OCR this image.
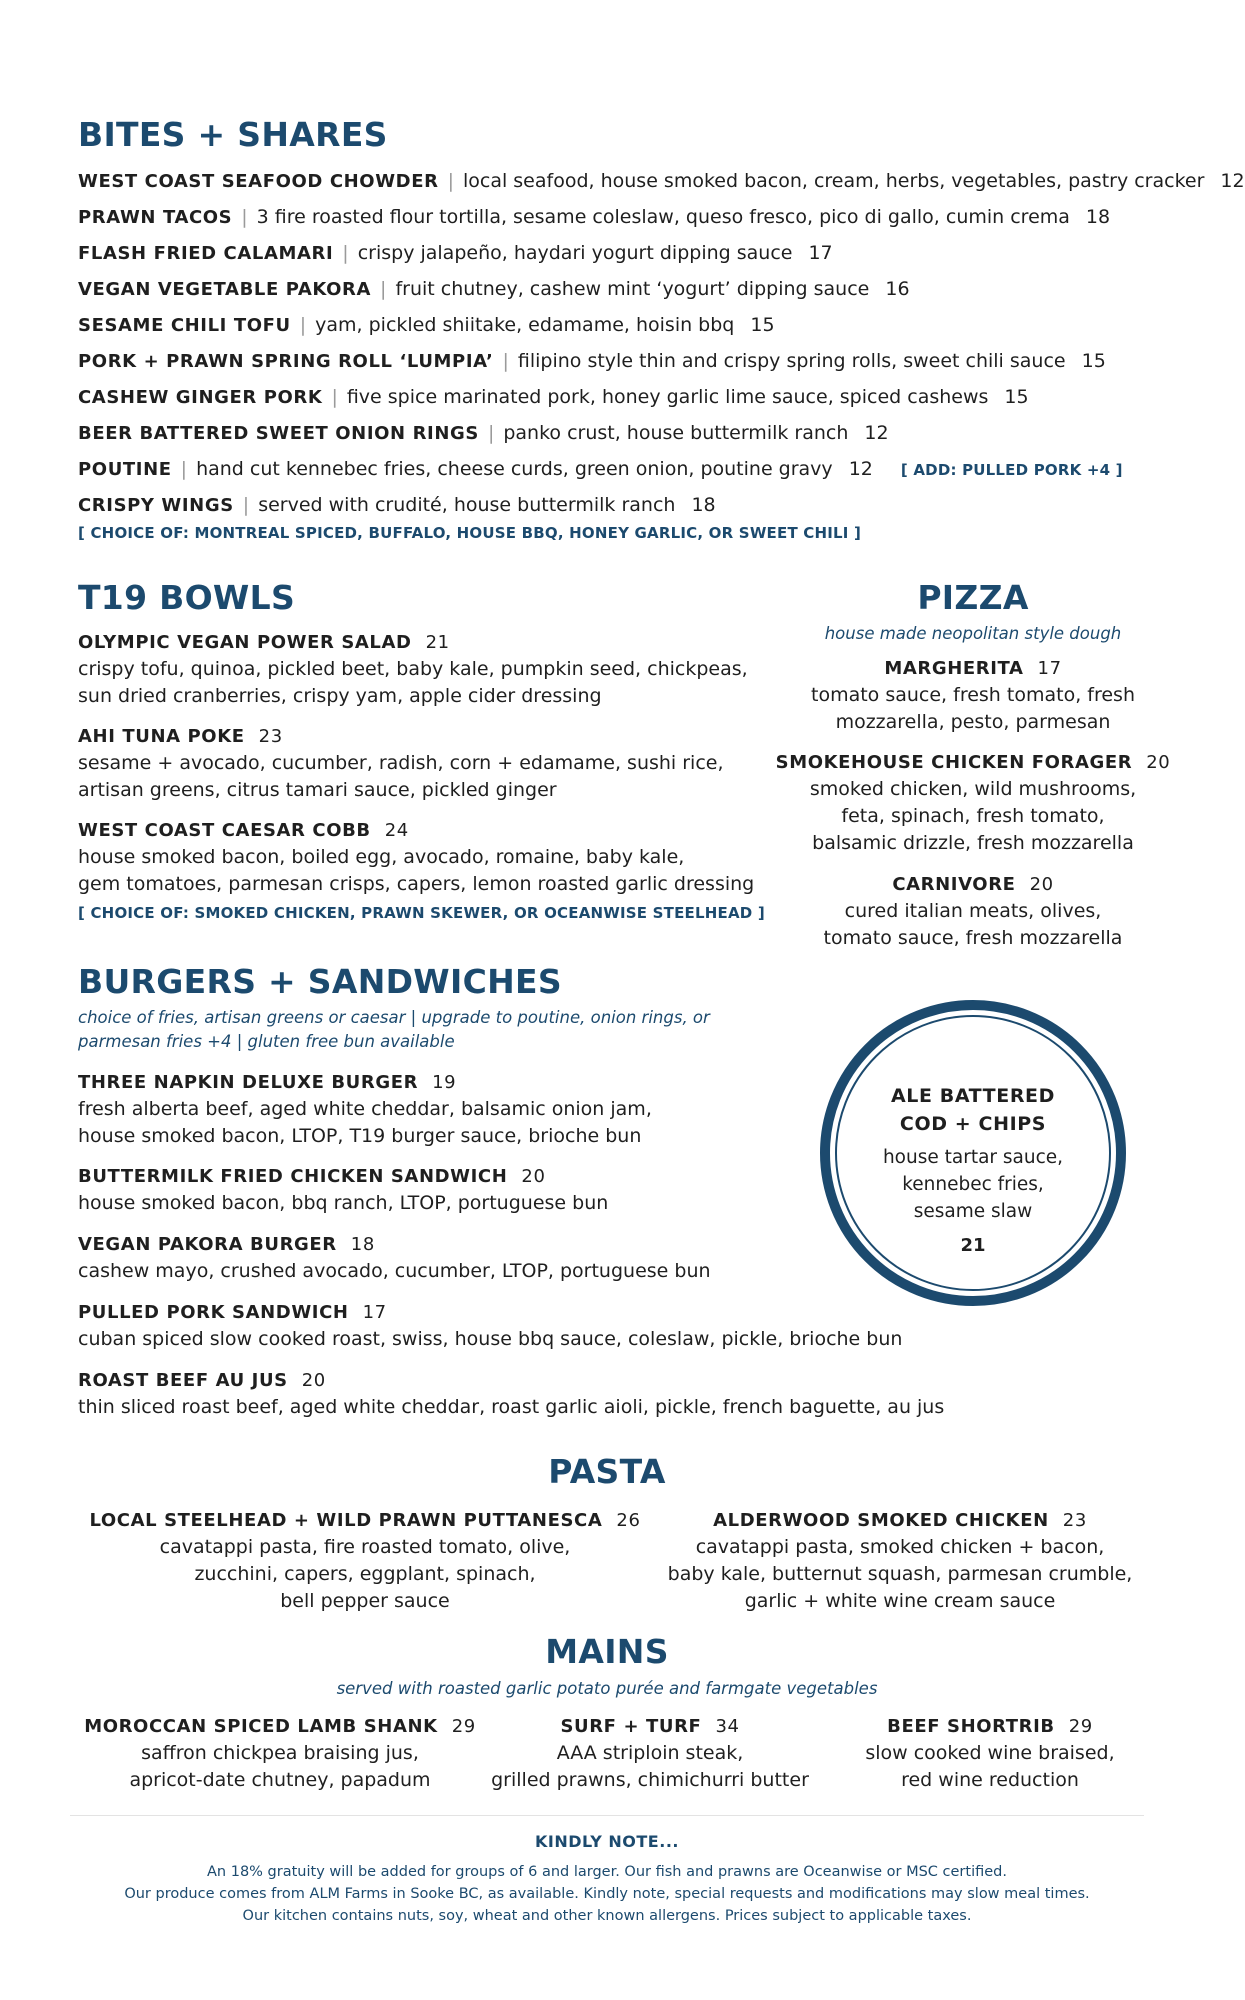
BITES + SHARES
WEST COAST SEAFOOD CHOWDER | local seafood, house smoked bacon, cream, herbs, vegetables, pastry cracker 12
PRAWN TACOS | 3 fire roasted flour tortilla, sesame coleslaw, queso fresco, pico di gallo, cumin crema 18
FLASH FRIED CALAMARI | crispy jalapeño, haydari yogurt dipping sauce 17
VEGAN VEGETABLE PAKORA | fruit chutney, cashew mint ‘yogurt’ dipping sauce 16
SESAME CHILI TOFU | yam, pickled shiitake, edamame, hoisin bbq 15
PORK + PRAWN SPRING ROLL ‘LUMPIA’ | filipino style thin and crispy spring rolls, sweet chili sauce 15
CASHEW GINGER PORK | five spice marinated pork, honey garlic lime sauce, spiced cashews 15
BEER BATTERED SWEET ONION RINGS | panko crust, house buttermilk ranch 12
POUTINE | hand cut kennebec fries, cheese curds, green onion, poutine gravy 12 [ ADD: PULLED PORK +4 ]
CRISPY WINGS | served with crudité, house buttermilk ranch 18
[ CHOICE OF: MONTREAL SPICED, BUFFALO, HOUSE BBQ, HONEY GARLIC, OR SWEET CHILI ]
T19 BOWLS
OLYMPIC VEGAN POWER SALAD 21
crispy tofu, quinoa, pickled beet, baby kale, pumpkin seed, chickpeas,
sun dried cranberries, crispy yam, apple cider dressing
AHI TUNA POKE 23
sesame + avocado, cucumber, radish, corn + edamame, sushi rice,
artisan greens, citrus tamari sauce, pickled ginger
WEST COAST CAESAR COBB 24
house smoked bacon, boiled egg, avocado, romaine, baby kale,
gem tomatoes, parmesan crisps, capers, lemon roasted garlic dressing
[ CHOICE OF: SMOKED CHICKEN, PRAWN SKEWER, OR OCEANWISE STEELHEAD ]
PIZZA
house made neopolitan style dough
MARGHERITA 17
tomato sauce, fresh tomato, fresh
mozzarella, pesto, parmesan
SMOKEHOUSE CHICKEN FORAGER 20
smoked chicken, wild mushrooms,
feta, spinach, fresh tomato,
balsamic drizzle, fresh mozzarella
CARNIVORE 20
cured italian meats, olives,
tomato sauce, fresh mozzarella
BURGERS + SANDWICHES
choice of fries, artisan greens or caesar | upgrade to poutine, onion rings, or
parmesan fries +4 | gluten free bun available
THREE NAPKIN DELUXE BURGER 19
fresh alberta beef, aged white cheddar, balsamic onion jam,
house smoked bacon, LTOP, T19 burger sauce, brioche bun
BUTTERMILK FRIED CHICKEN SANDWICH 20
house smoked bacon, bbq ranch, LTOP, portuguese bun
VEGAN PAKORA BURGER 18
cashew mayo, crushed avocado, cucumber, LTOP, portuguese bun
PULLED PORK SANDWICH 17
cuban spiced slow cooked roast, swiss, house bbq sauce, coleslaw, pickle, brioche bun
ROAST BEEF AU JUS 20
thin sliced roast beef, aged white cheddar, roast garlic aioli, pickle, french baguette, au jus
ALE BATTERED
COD + CHIPS
house tartar sauce,
kennebec fries,
sesame slaw
21
PASTA
LOCAL STEELHEAD + WILD PRAWN PUTTANESCA 26
cavatappi pasta, fire roasted tomato, olive,
zucchini, capers, eggplant, spinach,
bell pepper sauce
ALDERWOOD SMOKED CHICKEN 23
cavatappi pasta, smoked chicken + bacon,
baby kale, butternut squash, parmesan crumble,
garlic + white wine cream sauce
MAINS
served with roasted garlic potato purée and farmgate vegetables
MOROCCAN SPICED LAMB SHANK 29
saffron chickpea braising jus,
apricot-date chutney, papadum
SURF + TURF 34
AAA striploin steak,
grilled prawns, chimichurri butter
BEEF SHORTRIB 29
slow cooked wine braised,
red wine reduction
KINDLY NOTE...
An 18% gratuity will be added for groups of 6 and larger. Our fish and prawns are Oceanwise or MSC certified.
Our produce comes from ALM Farms in Sooke BC, as available. Kindly note, special requests and modifications may slow meal times.
Our kitchen contains nuts, soy, wheat and other known allergens. Prices subject to applicable taxes.
